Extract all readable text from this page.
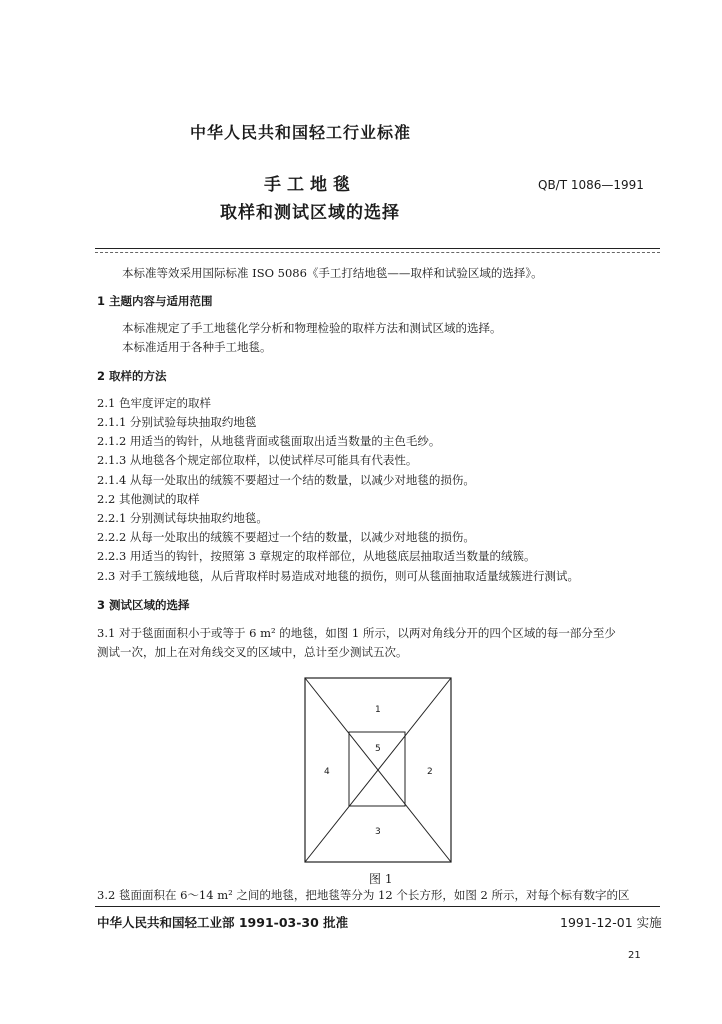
中华人民共和国轻工行业标准
手工地毯
取样和测试区域的选择
QB/T 1086—1991
本标准等效采用国际标准 ISO 5086《手工打结地毯——取样和试验区域的选择》。
1 主题内容与适用范围
本标准规定了手工地毯化学分析和物理检验的取样方法和测试区域的选择。
本标准适用于各种手工地毯。
2 取样的方法
2.1 色牢度评定的取样
2.1.1 分别试验每块抽取约地毯
2.1.2 用适当的钩针，从地毯背面或毯面取出适当数量的主色毛纱。
2.1.3 从地毯各个规定部位取样，以使试样尽可能具有代表性。
2.1.4 从每一处取出的绒簇不要超过一个结的数量，以减少对地毯的损伤。
2.2 其他测试的取样
2.2.1 分别测试每块抽取约地毯。
2.2.2 从每一处取出的绒簇不要超过一个结的数量，以减少对地毯的损伤。
2.2.3 用适当的钩针，按照第 3 章规定的取样部位，从地毯底层抽取适当数量的绒簇。
2.3 对手工簇绒地毯，从后背取样时易造成对地毯的损伤，则可从毯面抽取适量绒簇进行测试。
3 测试区域的选择
3.1 对于毯面面积小于或等于 6 m² 的地毯，如图 1 所示，以两对角线分开的四个区域的每一部分至少
测试一次，加上在对角线交叉的区域中，总计至少测试五次。
1
2
3
4
5
图 1
3.2 毯面面积在 6～14 m² 之间的地毯，把地毯等分为 12 个长方形，如图 2 所示，对每个标有数字的区
中华人民共和国轻工业部 1991-03-30 批准	1991-12-01 实施
21
